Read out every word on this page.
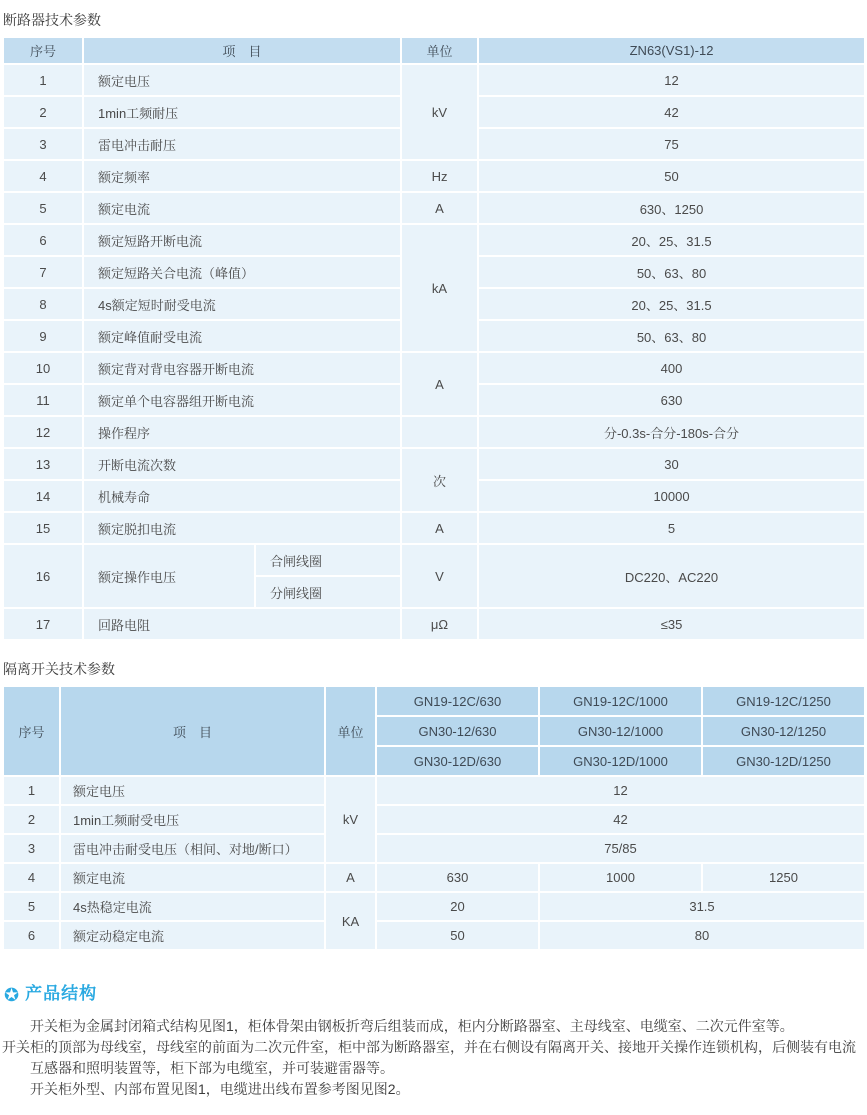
断路器技术参数
序号	项　目		单位	ZN63(VS1)-12
1	额定电压		kV	12
2	1min工频耐压			42
3	雷电冲击耐压			75
4	额定频率		Hz	50
5	额定电流		A	630、1250
6	额定短路开断电流		kA	20、25、31.5
7	额定短路关合电流（峰值）			50、63、80
8	4s额定短时耐受电流			20、25、31.5
9	额定峰值耐受电流			50、63、80
10	额定背对背电容器开断电流		A	400
11	额定单个电容器组开断电流			630
12	操作程序			分-0.3s-合分-180s-合分
13	开断电流次数		次	30
14	机械寿命			10000
15	额定脱扣电流		A	5
16	额定操作电压	合闸线圈	V	DC220、AC220
		分闸线圈		
17	回路电阻		μΩ	≤35
隔离开关技术参数
序号	项　目	单位	GN19-12C/630	GN19-12C/1000	GN19-12C/1250
			GN30-12/630	GN30-12/1000	GN30-12/1250
			GN30-12D/630	GN30-12D/1000	GN30-12D/1250
1	额定电压	kV	12		
2	1min工频耐受电压		42		
3	雷电冲击耐受电压（相间、对地/断口）		75/85		
4	额定电流	A	630	1000	1250
5	4s热稳定电流	KA	20	31.5	
6	额定动稳定电流		50	80	
✪ 产品结构

开关柜为金属封闭箱式结构见图1，柜体骨架由钢板折弯后组装而成，柜内分断路器室、主母线室、电缆室、二次元件室等。

开关柜的顶部为母线室，母线室的前面为二次元件室，柜中部为断路器室，并在右侧设有隔离开关、接地开关操作连锁机构，后侧装有电流互感器和照明装置等，柜下部为电缆室，并可装避雷器等。

开关柜外型、内部布置见图1，电缆进出线布置参考图见图2。
